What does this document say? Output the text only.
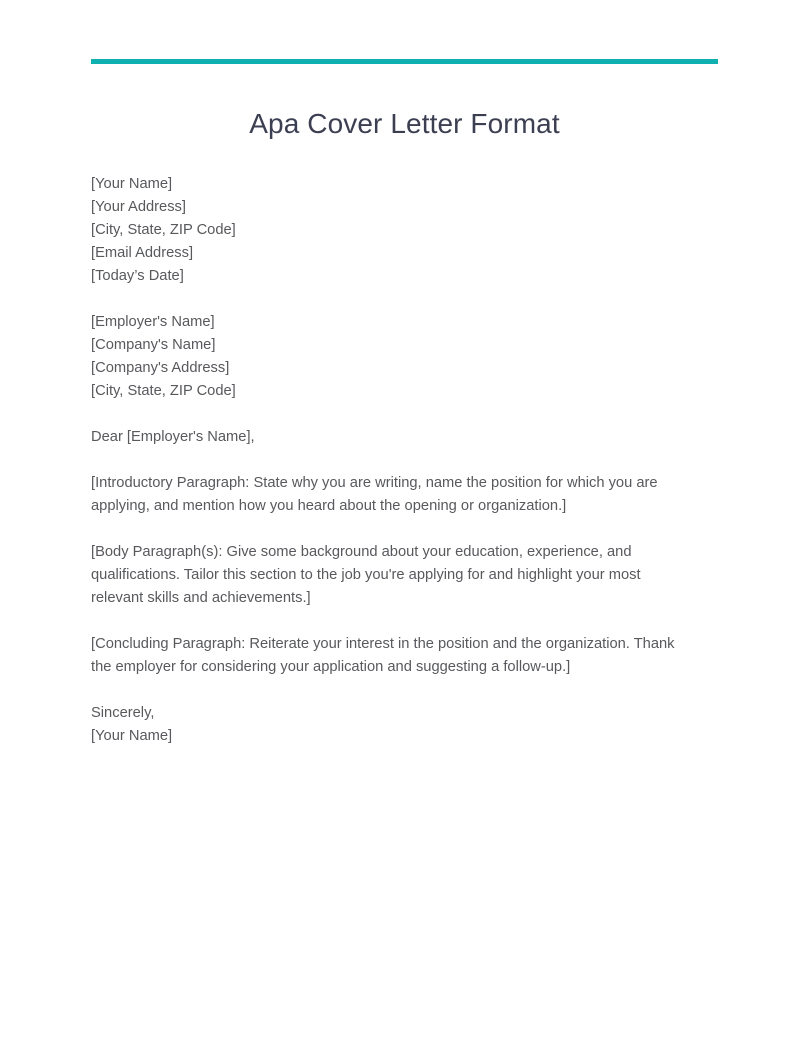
Apa Cover Letter Format
[Your Name]
[Your Address]
[City, State, ZIP Code]
[Email Address]
[Today’s Date]
[Employer's Name]
[Company's Name]
[Company's Address]
[City, State, ZIP Code]

Dear [Employer's Name],

[Introductory Paragraph: State why you are writing, name the position for which you are applying, and mention how you heard about the opening or organization.]

[Body Paragraph(s): Give some background about your education, experience, and qualifications. Tailor this section to the job you're applying for and highlight your most relevant skills and achievements.]

[Concluding Paragraph: Reiterate your interest in the position and the organization. Thank the employer for considering your application and suggesting a follow-up.]

Sincerely,
[Your Name]
